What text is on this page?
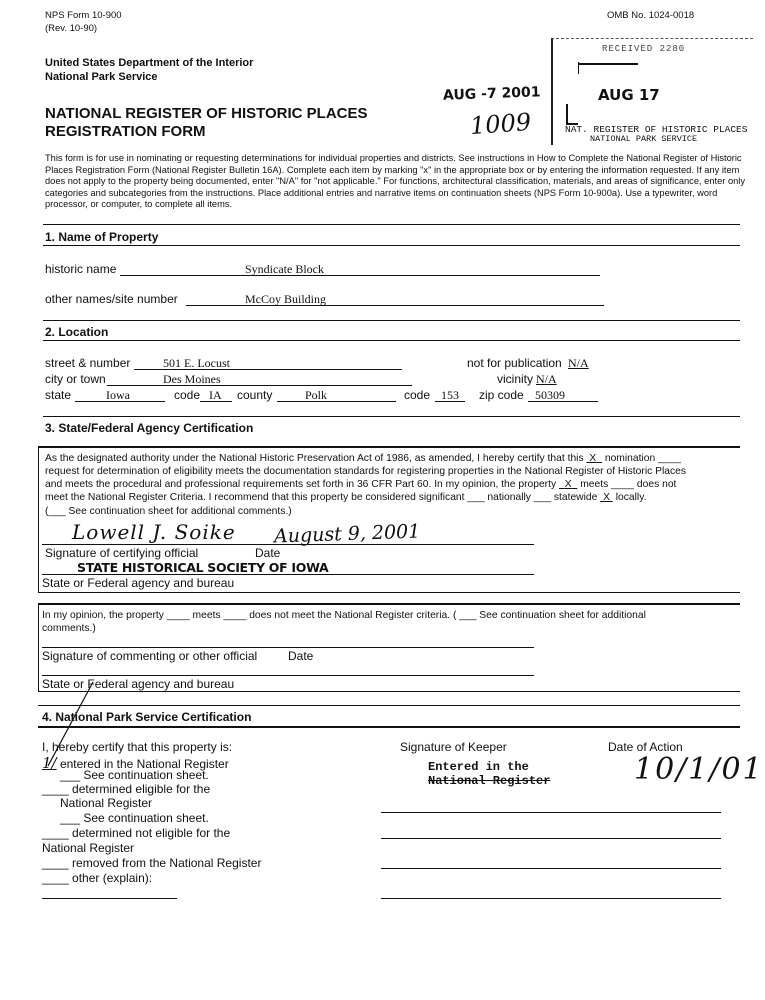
NPS Form 10-900
(Rev. 10-90)
OMB No. 1024-0018
United States Department of the Interior
National Park Service
NATIONAL REGISTER OF HISTORIC PLACES
REGISTRATION FORM
AUG -7 2001
1009
RECEIVED 2280
AUG 17
NAT. REGISTER OF HISTORIC PLACES
NATIONAL PARK SERVICE
This form is for use in nominating or requesting determinations for individual properties and districts. See instructions in How to Complete the National Register of Historic Places Registration Form (National Register Bulletin 16A). Complete each item by marking "x" in the appropriate box or by entering the information requested. If any item does not apply to the property being documented, enter "N/A" for "not applicable." For functions, architectural classification, materials, and areas of significance, enter only categories and subcategories from the instructions. Place additional entries and narrative items on continuation sheets (NPS Form 10-900a). Use a typewriter, word processor, or computer, to complete all items.
1. Name of Property
historic name	Syndicate Block
other names/site number	McCoy Building
2. Location
street & number	501 E. Locust	not for publication N/A
city or town	Des Moines	vicinity N/A
state	Iowa	code IA county	Polk	code 153 zip code 50309
3. State/Federal Agency Certification
As the designated authority under the National Historic Preservation Act of 1986, as amended, I hereby certify that this X nomination ____
request for determination of eligibility meets the documentation standards for registering properties in the National Register of Historic Places
and meets the procedural and professional requirements set forth in 36 CFR Part 60. In my opinion, the property X meets ____ does not
meet the National Register Criteria. I recommend that this property be considered significant ___ nationally ___ statewide X locally.
(___ See continuation sheet for additional comments.)
Lowell J. Soike August 9, 2001
Signature of certifying official	Date
STATE HISTORICAL SOCIETY OF IOWA
State or Federal agency and bureau
In my opinion, the property ____ meets ____ does not meet the National Register criteria. ( ___ See continuation sheet for additional
comments.)
Signature of commenting or other official	Date
State or Federal agency and bureau
4. National Park Service Certification
I, hereby certify that this property is:
1/ entered in the National Register
___ See continuation sheet.
____ determined eligible for the
National Register
___ See continuation sheet.
____ determined not eligible for the
National Register
____ removed from the National Register
____ other (explain):
Signature of Keeper	Date of Action
Entered in the
National Register	10/1/01
